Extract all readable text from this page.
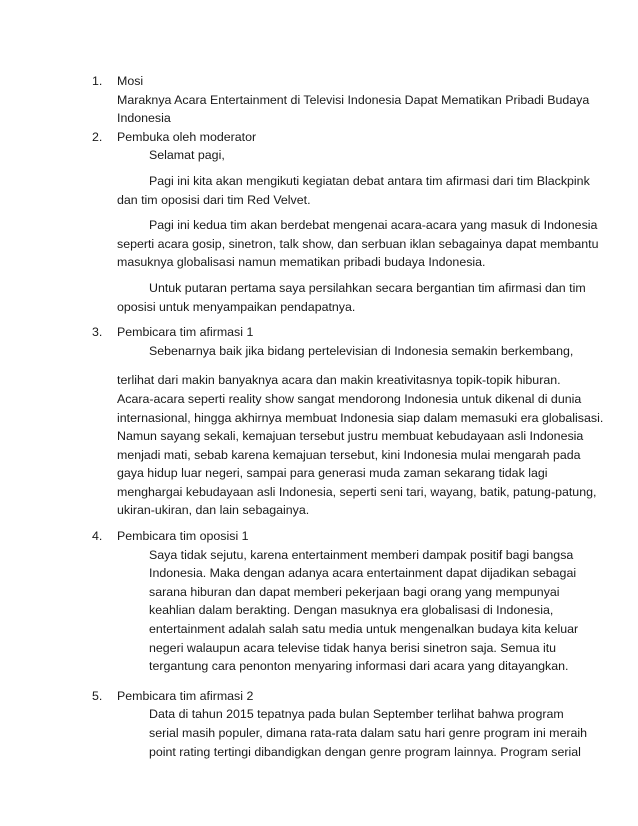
1. Mosi
Maraknya Acara Entertainment di Televisi Indonesia Dapat Mematikan Pribadi Budaya
Indonesia
2. Pembuka oleh moderator
Selamat pagi,
Pagi ini kita akan mengikuti kegiatan debat antara tim afirmasi dari tim Blackpink
dan tim oposisi dari tim Red Velvet.
Pagi ini kedua tim akan berdebat mengenai acara-acara yang masuk di Indonesia
seperti acara gosip, sinetron, talk show, dan serbuan iklan sebagainya dapat membantu
masuknya globalisasi namun mematikan pribadi budaya Indonesia.
Untuk putaran pertama saya persilahkan secara bergantian tim afirmasi dan tim
oposisi untuk menyampaikan pendapatnya.
3. Pembicara tim afirmasi 1
Sebenarnya baik jika bidang pertelevisian di Indonesia semakin berkembang,
terlihat dari makin banyaknya acara dan makin kreativitasnya topik-topik hiburan.
Acara-acara seperti reality show sangat mendorong Indonesia untuk dikenal di dunia
internasional, hingga akhirnya membuat Indonesia siap dalam memasuki era globalisasi.
Namun sayang sekali, kemajuan tersebut justru membuat kebudayaan asli Indonesia
menjadi mati, sebab karena kemajuan tersebut, kini Indonesia mulai mengarah pada
gaya hidup luar negeri, sampai para generasi muda zaman sekarang tidak lagi
menghargai kebudayaan asli Indonesia, seperti seni tari, wayang, batik, patung-patung,
ukiran-ukiran, dan lain sebagainya.
4. Pembicara tim oposisi 1
Saya tidak sejutu, karena entertainment memberi dampak positif bagi bangsa
Indonesia. Maka dengan adanya acara entertainment dapat dijadikan sebagai
sarana hiburan dan dapat memberi pekerjaan bagi orang yang mempunyai
keahlian dalam berakting. Dengan masuknya era globalisasi di Indonesia,
entertainment adalah salah satu media untuk mengenalkan budaya kita keluar
negeri walaupun acara televise tidak hanya berisi sinetron saja. Semua itu
tergantung cara penonton menyaring informasi dari acara yang ditayangkan.
5. Pembicara tim afirmasi 2
Data di tahun 2015 tepatnya pada bulan September terlihat bahwa program
serial masih populer, dimana rata-rata dalam satu hari genre program ini meraih
point rating tertingi dibandigkan dengan genre program lainnya. Program serial
